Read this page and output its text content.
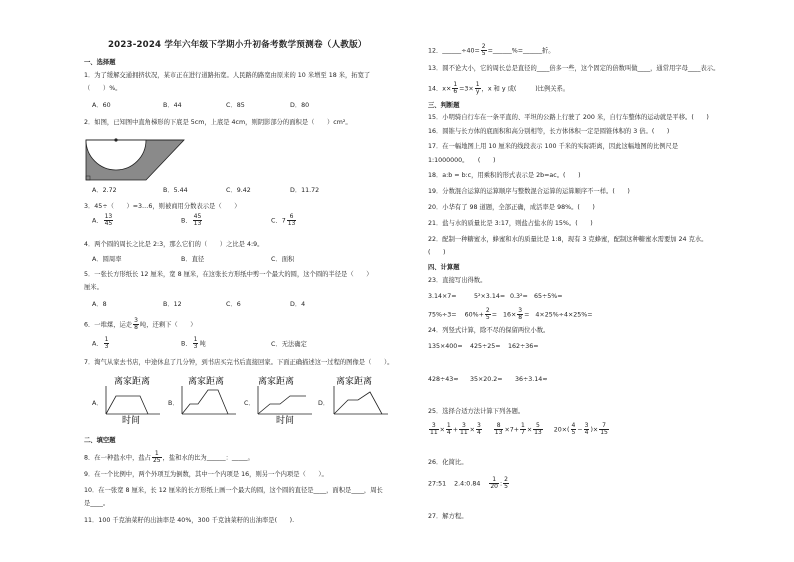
2023-2024 学年六年级下学期小升初备考数学预测卷（人教版）
一、选择题
1．为了缓解交通拥挤状况，某市正在进行道路拓宽。人民路的路宽由原来的 10 米增至 18 米，拓宽了
（　　）%。
A．60	B．44	C．85	D．80
2．如图，已知图中直角梯形的下底是 5cm，上底是 4cm，则阴影部分的面积是（　　）cm²。
A．2.72	B．5.44	C．9.42	D．11.72
3．45÷（　　）=3…6，则被商用分数表示是（　　）
A． $\frac{13}{45}$	B． $\frac{45}{13}$	C．$7 \frac{6}{13}$
4．两个圆的周长之比是 2:3，那么它们的（　　）之比是 4:9。
A．圆周率	B．直径	C．面积
5．一张长方形纸长 12 厘米，宽 8 厘米，在这张长方形纸中剪一个最大的圆，这个圆的半径是（　　）
厘米。
A．8	B．12	C．6	D．4
6．一堆煤，运走 $\frac{3}{8}$ 吨，还剩下（　　）
A． $\frac{1}{3}$	B． $\frac{1}{3}$ 吨	C．无法确定
7．淘气从家去书店，中途休息了几分钟，到书店买完书后直接回家。下面正确描述这一过程的图像是（　　）。
A．
离家距离
时间
B．
离家距离
C．
离家距离
时间
D．
离家距离
二、填空题
8．在一种盐水中，盐占 $\frac{1}{25}$ ，盐和水的比为______：_____。
9．在一个比例中，两个外项互为倒数，其中一个内项是 16，则另一个内项是（　　）。
10．在一张宽 8 厘米，长 12 厘米的长方形纸上画一个最大的圆，这个圆的直径是____，面积是____，周长
是____。
11．100 千克油菜籽的出油率是 40%，300 千克油菜籽的出油率是(　　).
12．______÷40= $\frac{2}{5}$ =______%=______折。
13．圆不论大小，它的周长总是直径的____倍多一些，这个固定的倍数叫做____，通常用字母____表示。
14．$x\times \frac{1}{6} =3\times \frac{1}{y}$ ，x 和 y 成(　　　)比例关系。
三、判断题
15．小明骑自行车在一条平直的、平坦的公路上行驶了 200 米，自行车整体的运动就是平移。(　　)
16．圆锥与长方体的底面积和高分别相等，长方体体积一定是圆锥体积的 3 倍。(　　)
17．在一幅地图上用 10 厘米的线段表示 100 千米的实际距离，因此这幅地图的比例尺是
1:1000000。　　(　　)
18．a:b = b:c，用乘积的形式表示是 2b=ac。(　　)
19．分数混合运算的运算顺序与整数混合运算的运算顺序不一样。(　　)
20．小华有了 98 道题，全部正确，成活率是 98%。(　　)
21．盐与水的质量比是 3:17，则盐占盐水的 15%。(　　)
22．配制一种糖蜜水，蜂蜜和水的质量比是 1:8，现有 3 克蜂蜜，配制这种糖蜜水需要加 24 克水。
(　　)
四、计算题
23．直接写出得数。
3.14×7=	5²×3.14= 0.3²= 65÷5%=
$75\%\div 3= 60\%+ \frac{2}{5} = 16\times \frac{3}{8} = 4\times 25\%\div 4\times 25\%=$
24．列竖式计算，除不尽的保留两位小数。
135×400= 425÷25= 162÷36=
428÷43≈ 35×20.2= 36÷3.14≈
25．选择合适方法计算下列各题。
$\frac{3}{11} \times \frac{1}{4} + \frac{3}{11} \times \frac{3}{4}$
$\frac{8}{13} \times 7+ \frac{1}{7} \times \frac{5}{13} 20\times( \frac{4}{5} - \frac{3}{4}$ )× $\frac{7}{15}$
26．化简比。
27:51 2.4:0.84 $\frac{1}{20}$ : $\frac{2}{5}$
27．解方程。
